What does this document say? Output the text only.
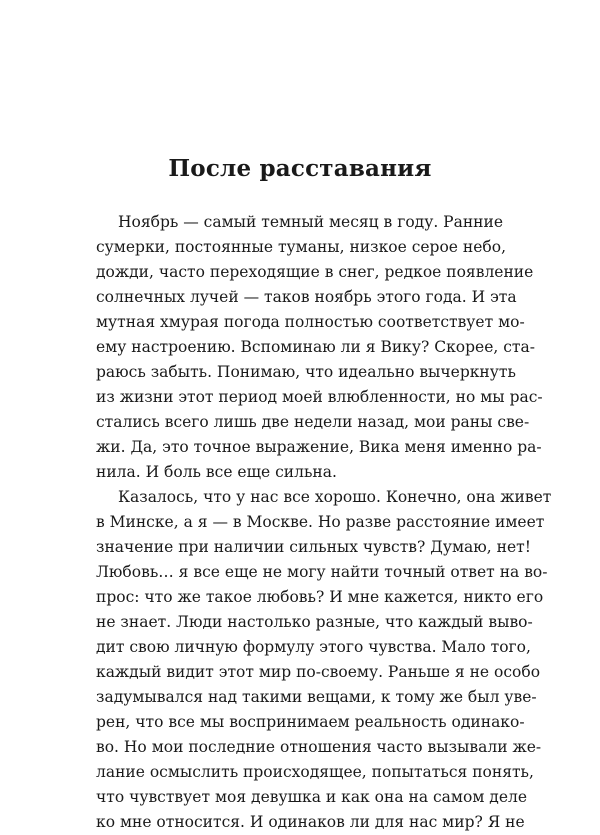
После расставания
Ноябрь — самый темный месяц в году. Ранние
сумерки, постоянные туманы, низкое серое небо,
дожди, часто переходящие в снег, редкое появление
солнечных лучей — таков ноябрь этого года. И эта
мутная хмурая погода полностью соответствует мо-
ему настроению. Вспоминаю ли я Вику? Скорее, ста-
раюсь забыть. Понимаю, что идеально вычеркнуть
из жизни этот период моей влюбленности, но мы рас-
стались всего лишь две недели назад, мои раны све-
жи. Да, это точное выражение, Вика меня именно ра-
нила. И боль все еще сильна.
Казалось, что у нас все хорошо. Конечно, она живет
в Минске, а я — в Москве. Но разве расстояние имеет
значение при наличии сильных чувств? Думаю, нет!
Любовь… я все еще не могу найти точный ответ на во-
прос: что же такое любовь? И мне кажется, никто его
не знает. Люди настолько разные, что каждый выво-
дит свою личную формулу этого чувства. Мало того,
каждый видит этот мир по-своему. Раньше я не особо
задумывался над такими вещами, к тому же был уве-
рен, что все мы воспринимаем реальность одинако-
во. Но мои последние отношения часто вызывали же-
лание осмыслить происходящее, попытаться понять,
что чувствует моя девушка и как она на самом деле
ко мне относится. И одинаков ли для нас мир? Я не
